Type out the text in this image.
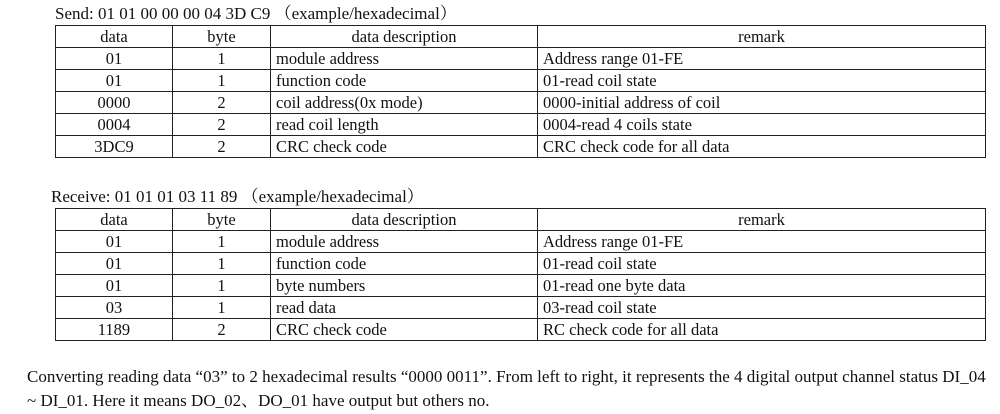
Send: 01 01 00 00 00 04 3D C9 （example/hexadecimal）
data	byte	data description	remark
01	1	module address	Address range 01-FE
01	1	function code	01-read coil state
0000	2	coil address(0x mode)	0000-initial address of coil
0004	2	read coil length	0004-read 4 coils state
3DC9	2	CRC check code	CRC check code for all data
Receive: 01 01 01 03 11 89 （example/hexadecimal）
data	byte	data description	remark
01	1	module address	Address range 01-FE
01	1	function code	01-read coil state
01	1	byte numbers	01-read one byte data
03	1	read data	03-read coil state
1189	2	CRC check code	RC check code for all data
Converting reading data “03” to 2 hexadecimal results “0000 0011”. From left to right, it represents the 4 digital output channel status DI_04 ~ DI_01. Here it means DO_02、DO_01 have output but others no.
